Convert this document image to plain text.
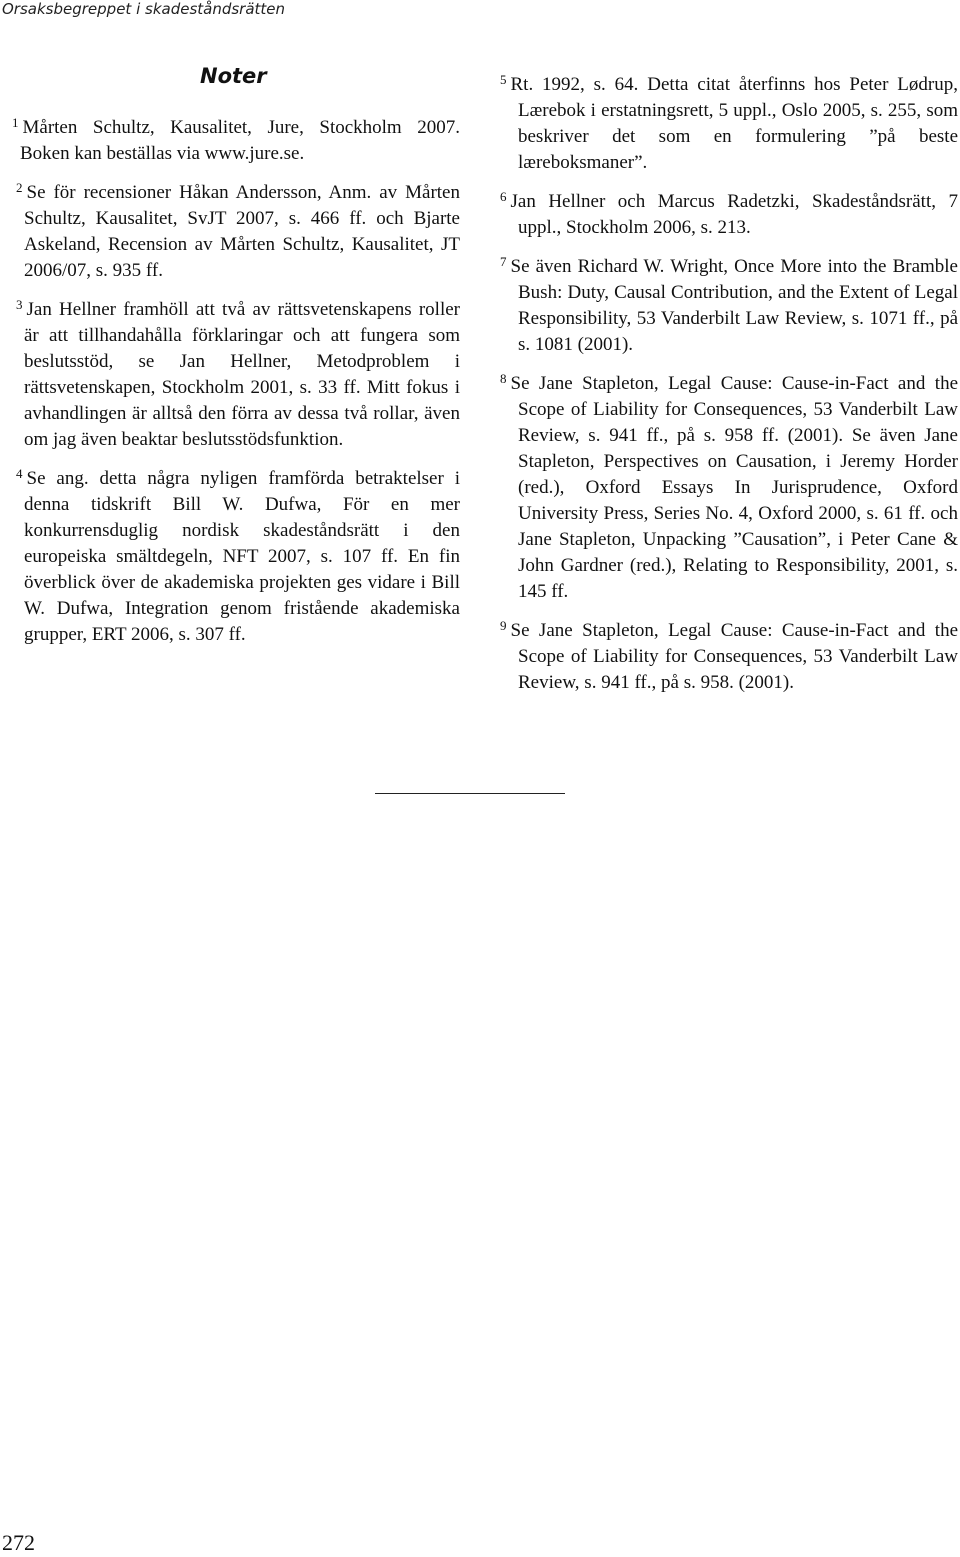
Orsaksbegreppet i skadeståndsrätten
Noter

$^1$ Mårten Schultz, Kausalitet, Jure, Stockholm 2007. Boken kan beställas via www.jure.se.

$^2$ Se för recensioner Håkan Andersson, Anm. av Mårten Schultz, Kausalitet, SvJT 2007, s. 466 ff. och Bjarte Askeland, Recension av Mårten Schultz, Kausalitet, JT 2006/07, s. 935 ff.

$^3$ Jan Hellner framhöll att två av rättsvetenskapens roller är att tillhandahålla förklaringar och att fungera som beslutsstöd, se Jan Hellner, Metodproblem i rättsvetenskapen, Stockholm 2001, s. 33 ff. Mitt fokus i avhandlingen är alltså den förra av dessa två rollar, även om jag även beaktar beslutsstödsfunktion.

$^4$ Se ang. detta några nyligen framförda betraktelser i denna tidskrift Bill W. Dufwa, För en mer konkurrensduglig nordisk skadeståndsrätt i den europeiska smältdegeln, NFT 2007, s. 107 ff. En fin överblick över de akademiska projekten ges vidare i Bill W. Dufwa, Integration genom fristående akademiska grupper, ERT 2006, s. 307 ff.

$^5$ Rt. 1992, s. 64. Detta citat återfinns hos Peter Lødrup, Lærebok i erstatningsrett, 5 uppl., Oslo 2005, s. 255, som beskriver det som en formulering ”på beste læreboksmaner”.

$^6$ Jan Hellner och Marcus Radetzki, Skadeståndsrätt, 7 uppl., Stockholm 2006, s. 213.

$^7$ Se även Richard W. Wright, Once More into the Bramble Bush: Duty, Causal Contribution, and the Extent of Legal Responsibility, 53 Vanderbilt Law Review, s. 1071 ff., på s. 1081 (2001).

$^8$ Se Jane Stapleton, Legal Cause: Cause-in-Fact and the Scope of Liability for Consequences, 53 Vanderbilt Law Review, s. 941 ff., på s. 958 ff. (2001). Se även Jane Stapleton, Perspectives on Causation, i Jeremy Horder (red.), Oxford Essays In Jurisprudence, Oxford University Press, Series No. 4, Oxford 2000, s. 61 ff. och Jane Stapleton, Unpacking ”Causation”, i Peter Cane & John Gardner (red.), Relating to Responsibility, 2001, s. 145 ff.

$^9$ Se Jane Stapleton, Legal Cause: Cause-in-Fact and the Scope of Liability for Consequences, 53 Vanderbilt Law Review, s. 941 ff., på s. 958. (2001).

272
